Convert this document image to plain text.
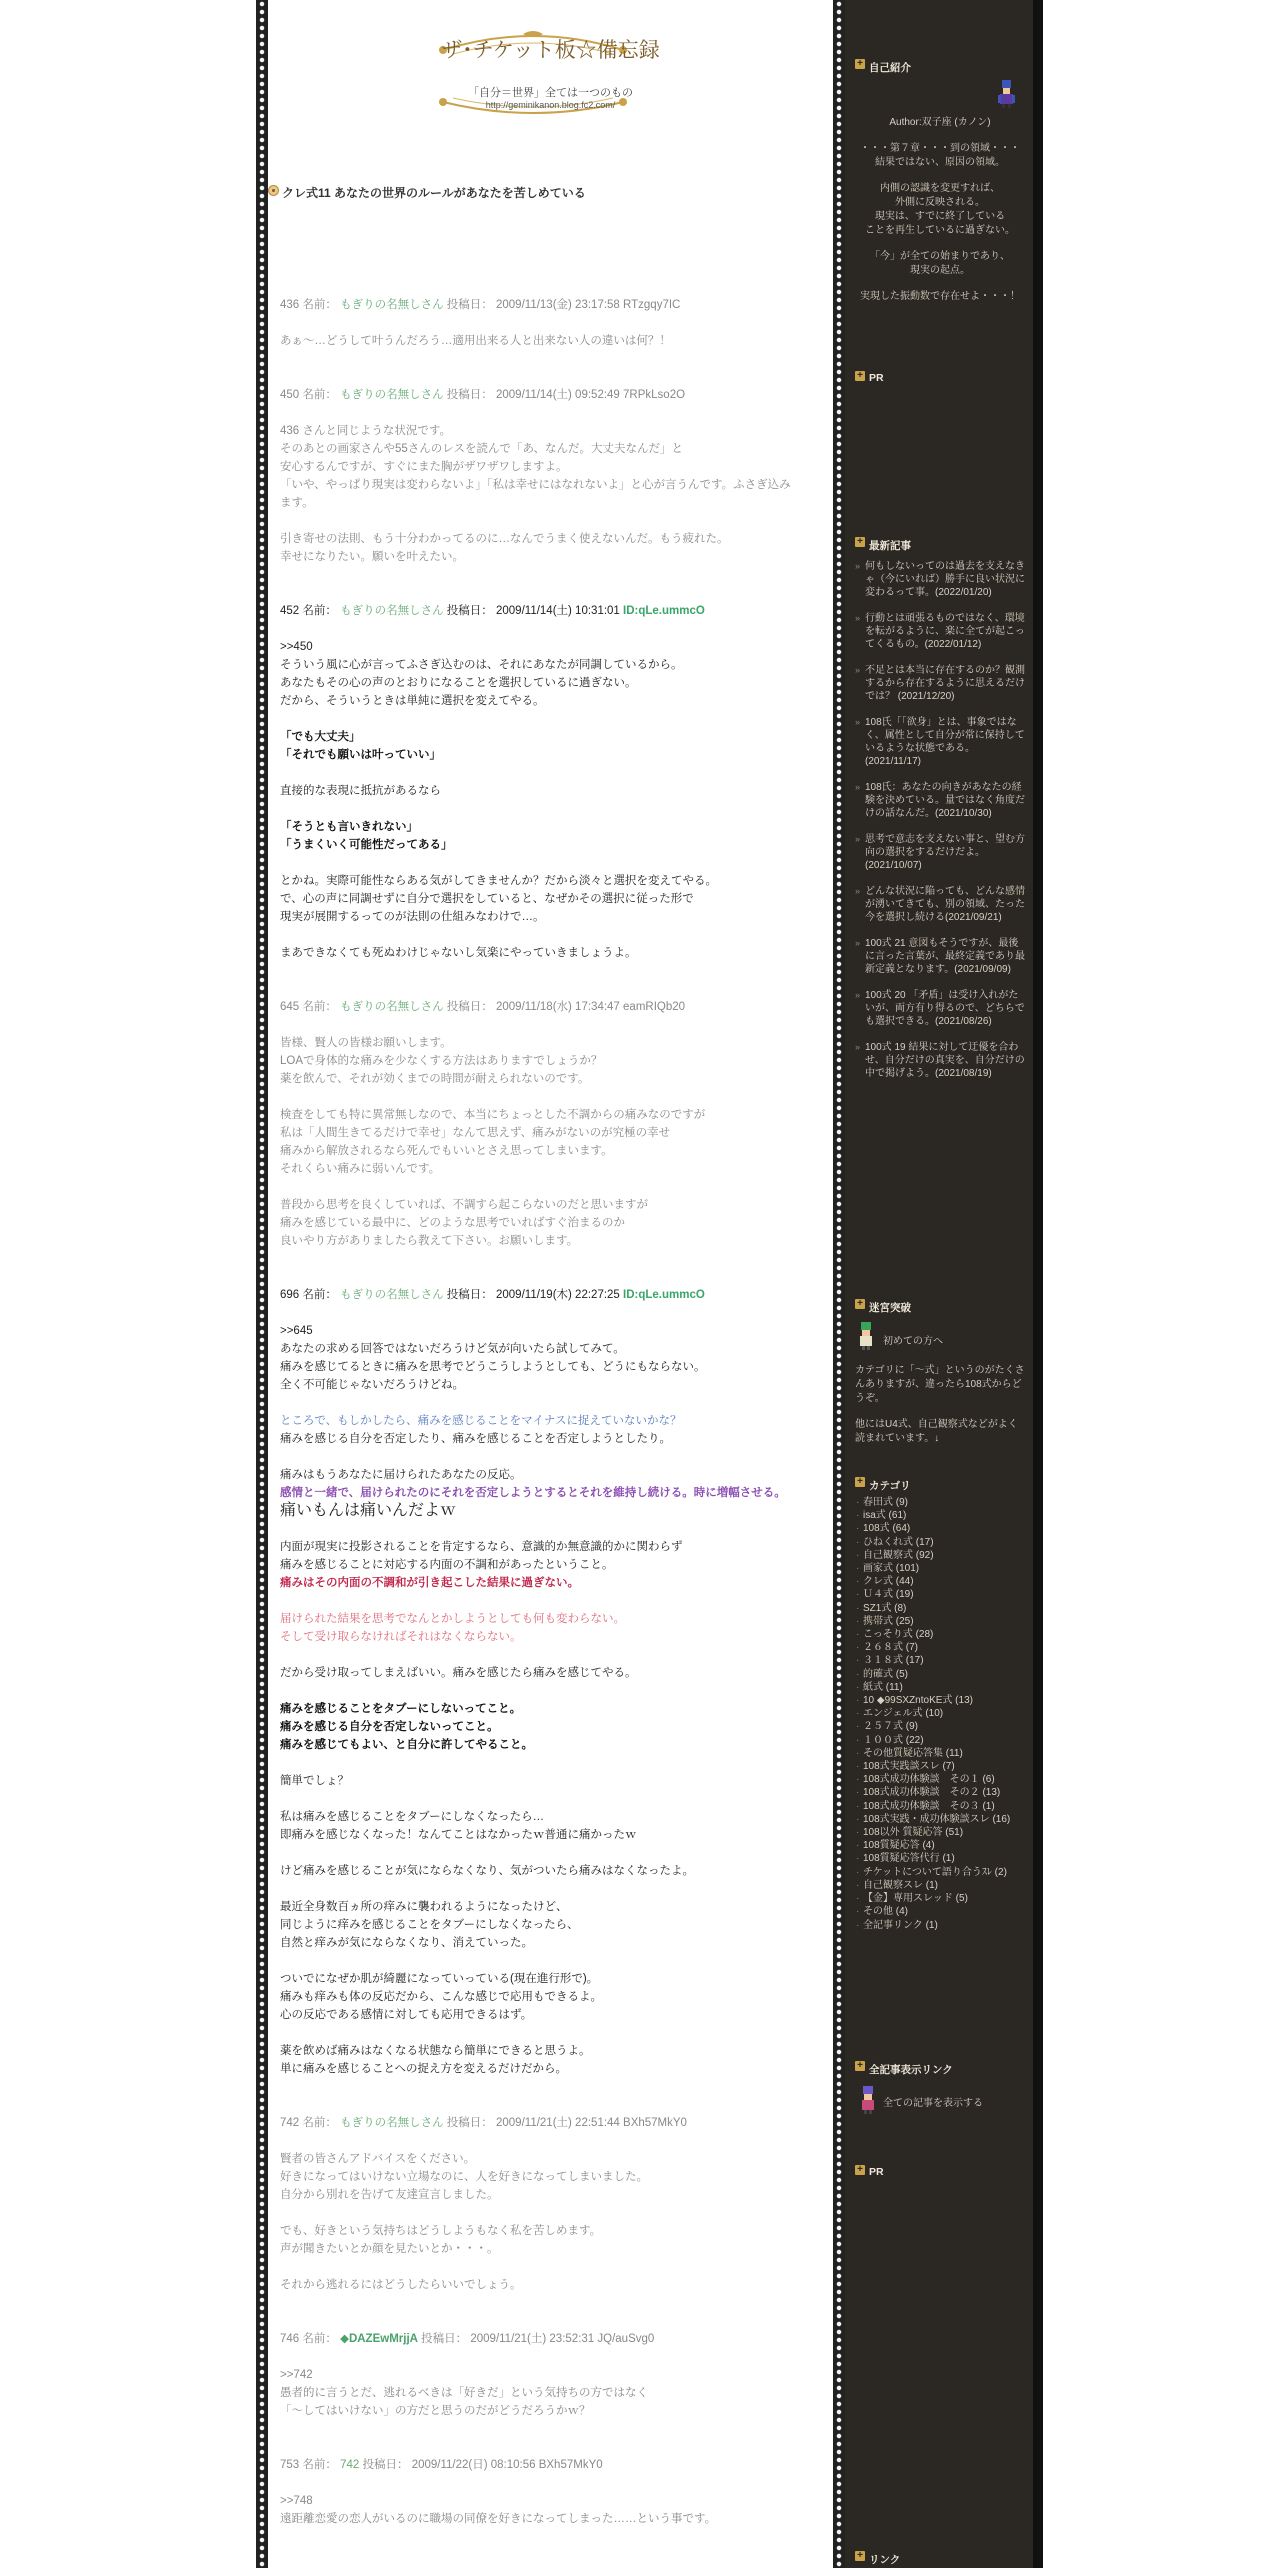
ザ･チケット板☆備忘録
「自分＝世界」全ては一つのもの
http://geminikanon.blog.fc2.com/
クレ式11 あなたの世界のルールがあなたを苦しめている
436 名前： もぎりの名無しさん 投稿日： 2009/11/13(金) 23:17:58 RTzgqy7IC
あぁ～…どうして叶うんだろう…適用出来る人と出来ない人の違いは何？！
450 名前： もぎりの名無しさん 投稿日： 2009/11/14(土) 09:52:49 7RPkLso2O
436 さんと同じような状況です。
そのあとの画家さんや55さんのレスを読んで「あ、なんだ。大丈夫なんだ」と
安心するんですが、すぐにまた胸がザワザワしますよ。
「いや、やっぱり現実は変わらないよ」「私は幸せにはなれないよ」と心が言うんです。ふさぎ込みます。
引き寄せの法則、もう十分わかってるのに…なんでうまく使えないんだ。もう疲れた。
幸せになりたい。願いを叶えたい。
452 名前： もぎりの名無しさん 投稿日： 2009/11/14(土) 10:31:01 ID:qLe.ummcO
>>450
そういう風に心が言ってふさぎ込むのは、それにあなたが同調しているから。
あなたもその心の声のとおりになることを選択しているに過ぎない。
だから、そういうときは単純に選択を変えてやる。
「でも大丈夫」
「それでも願いは叶っていい」
直接的な表現に抵抗があるなら
「そうとも言いきれない」
「うまくいく可能性だってある」
とかね。実際可能性ならある気がしてきませんか？だから淡々と選択を変えてやる。
で、心の声に同調せずに自分で選択をしていると、なぜかその選択に従った形で
現実が展開するってのが法則の仕組みなわけで…。
まあできなくても死ぬわけじゃないし気楽にやっていきましょうよ。
645 名前： もぎりの名無しさん 投稿日： 2009/11/18(水) 17:34:47 eamRIQb20
皆様、賢人の皆様お願いします。
LOAで身体的な痛みを少なくする方法はありますでしょうか？
薬を飲んで、それが効くまでの時間が耐えられないのです。
検査をしても特に異常無しなので、本当にちょっとした不調からの痛みなのですが
私は「人間生きてるだけで幸せ」なんて思えず、痛みがないのが究極の幸せ
痛みから解放されるなら死んでもいいとさえ思ってしまいます。
それくらい痛みに弱いんです。
普段から思考を良くしていれば、不調すら起こらないのだと思いますが
痛みを感じている最中に、どのような思考でいればすぐ治まるのか
良いやり方がありましたら教えて下さい。お願いします。
696 名前： もぎりの名無しさん 投稿日： 2009/11/19(木) 22:27:25 ID:qLe.ummcO
>>645
あなたの求める回答ではないだろうけど気が向いたら試してみて。
痛みを感じてるときに痛みを思考でどうこうしようとしても、どうにもならない。
全く不可能じゃないだろうけどね。
ところで、もしかしたら、痛みを感じることをマイナスに捉えていないかな？
痛みを感じる自分を否定したり、痛みを感じることを否定しようとしたり。
痛みはもうあなたに届けられたあなたの反応。
感情と一緒で、届けられたのにそれを否定しようとするとそれを維持し続ける。時に増幅させる。
痛いもんは痛いんだよｗ
内面が現実に投影されることを肯定するなら、意識的か無意識的かに関わらず
痛みを感じることに対応する内面の不調和があったということ。
痛みはその内面の不調和が引き起こした結果に過ぎない。
届けられた結果を思考でなんとかしようとしても何も変わらない。
そして受け取らなければそれはなくならない。
だから受け取ってしまえばいい。痛みを感じたら痛みを感じてやる。
痛みを感じることをタブーにしないってこと。
痛みを感じる自分を否定しないってこと。
痛みを感じてもよい、と自分に許してやること。
簡単でしょ？
私は痛みを感じることをタブーにしなくなったら…
即痛みを感じなくなった！なんてことはなかったｗ普通に痛かったｗ
けど痛みを感じることが気にならなくなり、気がついたら痛みはなくなったよ。
最近全身数百ヵ所の痒みに襲われるようになったけど、
同じように痒みを感じることをタブーにしなくなったら、
自然と痒みが気にならなくなり、消えていった。
ついでになぜか肌が綺麗になっていっている(現在進行形で)。
痛みも痒みも体の反応だから、こんな感じで応用もできるよ。
心の反応である感情に対しても応用できるはず。
薬を飲めば痛みはなくなる状態なら簡単にできると思うよ。
単に痛みを感じることへの捉え方を変えるだけだから。
742 名前： もぎりの名無しさん 投稿日： 2009/11/21(土) 22:51:44 BXh57MkY0
賢者の皆さんアドバイスをください。
好きになってはいけない立場なのに、人を好きになってしまいました。
自分から別れを告げて友達宣言しました。
でも、好きという気持ちはどうしようもなく私を苦しめます。
声が聞きたいとか顔を見たいとか・・・。
それから逃れるにはどうしたらいいでしょう。
746 名前： ◆DAZEwMrjjA 投稿日： 2009/11/21(土) 23:52:31 JQ/auSvg0
>>742
愚者的に言うとだ、逃れるべきは「好きだ」という気持ちの方ではなく
「～してはいけない」の方だと思うのだがどうだろうかｗ？
753 名前： 742 投稿日： 2009/11/22(日) 08:10:56 BXh57MkY0
>>748
遠距離恋愛の恋人がいるのに職場の同僚を好きになってしまった……という事です。
+ 自己紹介
Author:双子座 (カノン)
・・・第７章・・・到の領域・・・
結果ではない、原因の領域。
内側の認識を変更すれば、
外側に反映される。
現実は、すでに終了している
ことを再生しているに過ぎない。
「今」が全ての始まりであり、
現実の起点。
実現した振動数で存在せよ・・・！
+ PR
+ 最新記事
» 何もしないってのは過去を支えなきゃ（今にいれば）勝手に良い状況に変わるって事。(2022/01/20)
» 行動とは頑張るものではなく、環境を転がるように、楽に全てが起こってくるもの。(2022/01/12)
» 不足とは本当に存在するのか？観測するから存在するように思えるだけでは？ (2021/12/20)
» 108氏「「欲身」とは、事象ではなく、属性として自分が常に保持しているような状態である。(2021/11/17)
» 108氏：あなたの向きがあなたの経験を決めている。量ではなく角度だけの話なんだ。(2021/10/30)
» 思考で意志を支えない事と、望む方向の選択をするだけだよ。(2021/10/07)
» どんな状況に陥っても、どんな感情が湧いてきても、別の領域、たった今を選択し続ける(2021/09/21)
» 100式 21 意図もそうですが、最後に言った言葉が、最終定義であり最新定義となります。(2021/09/09)
» 100式 20 「矛盾」は受け入れがたいが、両方有り得るので、どちらでも選択できる。(2021/08/26)
» 100式 19 結果に対して迂優を合わせ、自分だけの真実を、自分だけの中で掲げよう。(2021/08/19)
+ 迷宮突破
初めての方へ
カテゴリに「～式」というのがたくさんありますが、違ったら108式からどうぞ。
他にはU4式、自己観察式などがよく読まれています。↓
+ カテゴリ
· 春田式 (9)
· isa式 (61)
· 108式 (64)
· ひねくれ式 (17)
· 自己観察式 (92)
· 画家式 (101)
· クレ式 (44)
· Ｕ４式 (19)
· SZ1式 (8)
· 携帯式 (25)
· こっそり式 (28)
· ２６８式 (7)
· ３１８式 (17)
· 的確式 (5)
· 紙式 (11)
· 10 ◆99SXZntoKE式 (13)
· エンジェル式 (10)
· ２５７式 (9)
· １００式 (22)
· その他質疑応答集 (11)
· 108式実践談スレ (7)
· 108式成功体験談　その１ (6)
· 108式成功体験談　その２ (13)
· 108式成功体験談　その３ (1)
· 108式実践・成功体験談スレ (16)
· 108以外 質疑応答 (51)
· 108質疑応答 (4)
· 108質疑応答代行 (1)
· チケットについて語り合うｽﾚ (2)
· 自己観察スレ (1)
· 【金】専用スレッド (5)
· その他 (4)
· 全記事リンク (1)
+ 全記事表示リンク
全ての記事を表示する
+ PR
+ リンク
